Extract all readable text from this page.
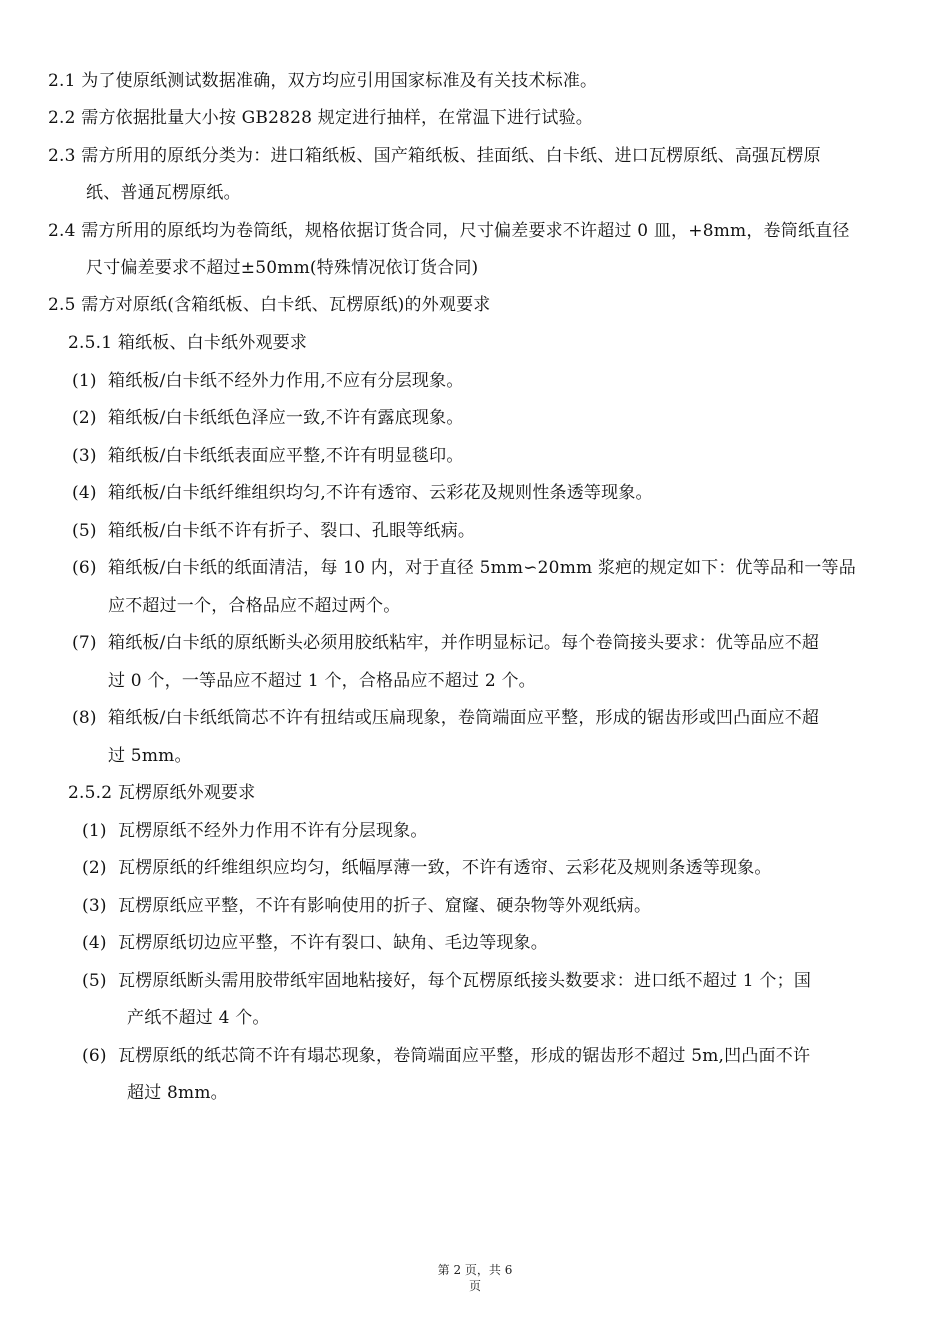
2.1 为了使原纸测试数据准确，双方均应引用国家标准及有关技术标准。
2.2 需方依据批量大小按 GB2828 规定进行抽样，在常温下进行试验。
2.3 需方所用的原纸分类为：进口箱纸板、国产箱纸板、挂面纸、白卡纸、进口瓦楞原纸、高强瓦楞原
纸、普通瓦楞原纸。
2.4 需方所用的原纸均为卷筒纸，规格依据订货合同，尺寸偏差要求不许超过 0 皿，+8mm，卷筒纸直径
尺寸偏差要求不超过±50mm(特殊情况依订货合同)
2.5 需方对原纸(含箱纸板、白卡纸、瓦楞原纸)的外观要求
2.5.1 箱纸板、白卡纸外观要求
(1) 箱纸板/白卡纸不经外力作用,不应有分层现象。
(2) 箱纸板/白卡纸纸色泽应一致,不许有露底现象。
(3) 箱纸板/白卡纸纸表面应平整,不许有明显毯印。
(4) 箱纸板/白卡纸纤维组织均匀,不许有透帘、云彩花及规则性条透等现象。
(5) 箱纸板/白卡纸不许有折子、裂口、孔眼等纸病。
(6) 箱纸板/白卡纸的纸面清洁，每 10 内，对于直径 5mm∽20mm 浆疤的规定如下：优等品和一等品
应不超过一个，合格品应不超过两个。
(7) 箱纸板/白卡纸的原纸断头必须用胶纸粘牢，并作明显标记。每个卷筒接头要求：优等品应不超
过 0 个，一等品应不超过 1 个，合格品应不超过 2 个。
(8) 箱纸板/白卡纸纸筒芯不许有扭结或压扁现象，卷筒端面应平整，形成的锯齿形或凹凸面应不超
过 5mm。
2.5.2 瓦楞原纸外观要求
(1) 瓦楞原纸不经外力作用不许有分层现象。
(2) 瓦楞原纸的纤维组织应均匀，纸幅厚薄一致，不许有透帘、云彩花及规则条透等现象。
(3) 瓦楞原纸应平整，不许有影响使用的折子、窟窿、硬杂物等外观纸病。
(4) 瓦楞原纸切边应平整，不许有裂口、缺角、毛边等现象。
(5) 瓦楞原纸断头需用胶带纸牢固地粘接好，每个瓦楞原纸接头数要求：进口纸不超过 1 个；国
产纸不超过 4 个。
(6) 瓦楞原纸的纸芯筒不许有塌芯现象，卷筒端面应平整，形成的锯齿形不超过 5m,凹凸面不许
超过 8mm。
第 2 页，共 6
页
